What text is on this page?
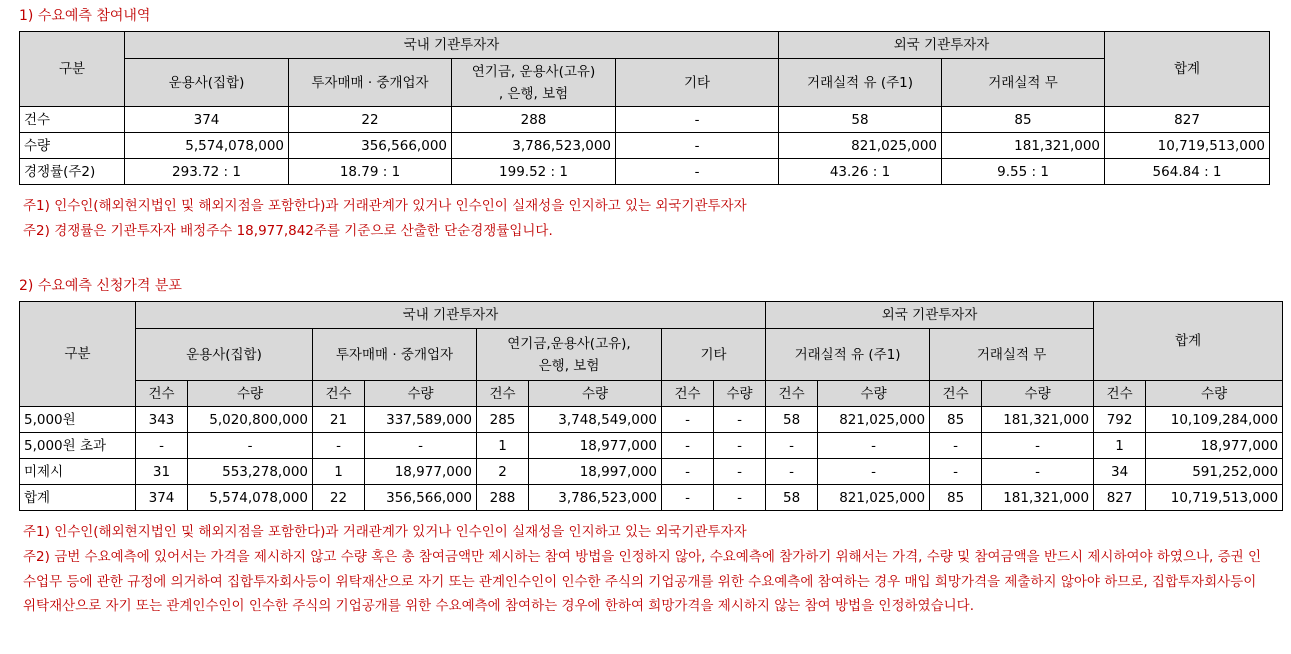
1) 수요예측 참여내역
구분	국내 기관투자자				외국 기관투자자		합계
	운용사(집합)	투자매매 · 중개업자	연기금, 운용사(고유)
, 은행, 보험	기타	거래실적 유 (주1)	거래실적 무	
건수	374	22	288	-	58	85	827
수량	5,574,078,000	356,566,000	3,786,523,000	-	821,025,000	181,321,000	10,719,513,000
경쟁률(주2)	293.72 : 1	18.79 : 1	199.52 : 1	-	43.26 : 1	9.55 : 1	564.84 : 1
주1) 인수인(해외현지법인 및 해외지점을 포함한다)과 거래관계가 있거나 인수인이 실재성을 인지하고 있는 외국기관투자자
주2) 경쟁률은 기관투자자 배정주수 18,977,842주를 기준으로 산출한 단순경쟁률입니다.
2) 수요예측 신청가격 분포
구분	국내 기관투자자								외국 기관투자자				합계	
	운용사(집합)		투자매매 · 중개업자		연기금,운용사(고유),
은행, 보험		기타		거래실적 유 (주1)		거래실적 무			
	건수	수량	건수	수량	건수	수량	건수	수량	건수	수량	건수	수량	건수	수량
5,000원	343	5,020,800,000	21	337,589,000	285	3,748,549,000	-	-	58	821,025,000	85	181,321,000	792	10,109,284,000
5,000원 초과	-	-	-	-	1	18,977,000	-	-	-	-	-	-	1	18,977,000
미제시	31	553,278,000	1	18,977,000	2	18,997,000	-	-	-	-	-	-	34	591,252,000
합계	374	5,574,078,000	22	356,566,000	288	3,786,523,000	-	-	58	821,025,000	85	181,321,000	827	10,719,513,000
주1) 인수인(해외현지법인 및 해외지점을 포함한다)과 거래관계가 있거나 인수인이 실재성을 인지하고 있는 외국기관투자자
주2) 금번 수요예측에 있어서는 가격을 제시하지 않고 수량 혹은 총 참여금액만 제시하는 참여 방법을 인정하지 않아, 수요예측에 참가하기 위해서는 가격, 수량 및 참여금액을 반드시 제시하여야 하였으나, 증권 인수업무 등에 관한 규정에 의거하여 집합투자회사등이 위탁재산으로 자기 또는 관계인수인이 인수한 주식의 기업공개를 위한 수요예측에 참여하는 경우 매입 희망가격을 제출하지 않아야 하므로, 집합투자회사등이 위탁재산으로 자기 또는 관계인수인이 인수한 주식의 기업공개를 위한 수요예측에 참여하는 경우에 한하여 희망가격을 제시하지 않는 참여 방법을 인정하였습니다.
